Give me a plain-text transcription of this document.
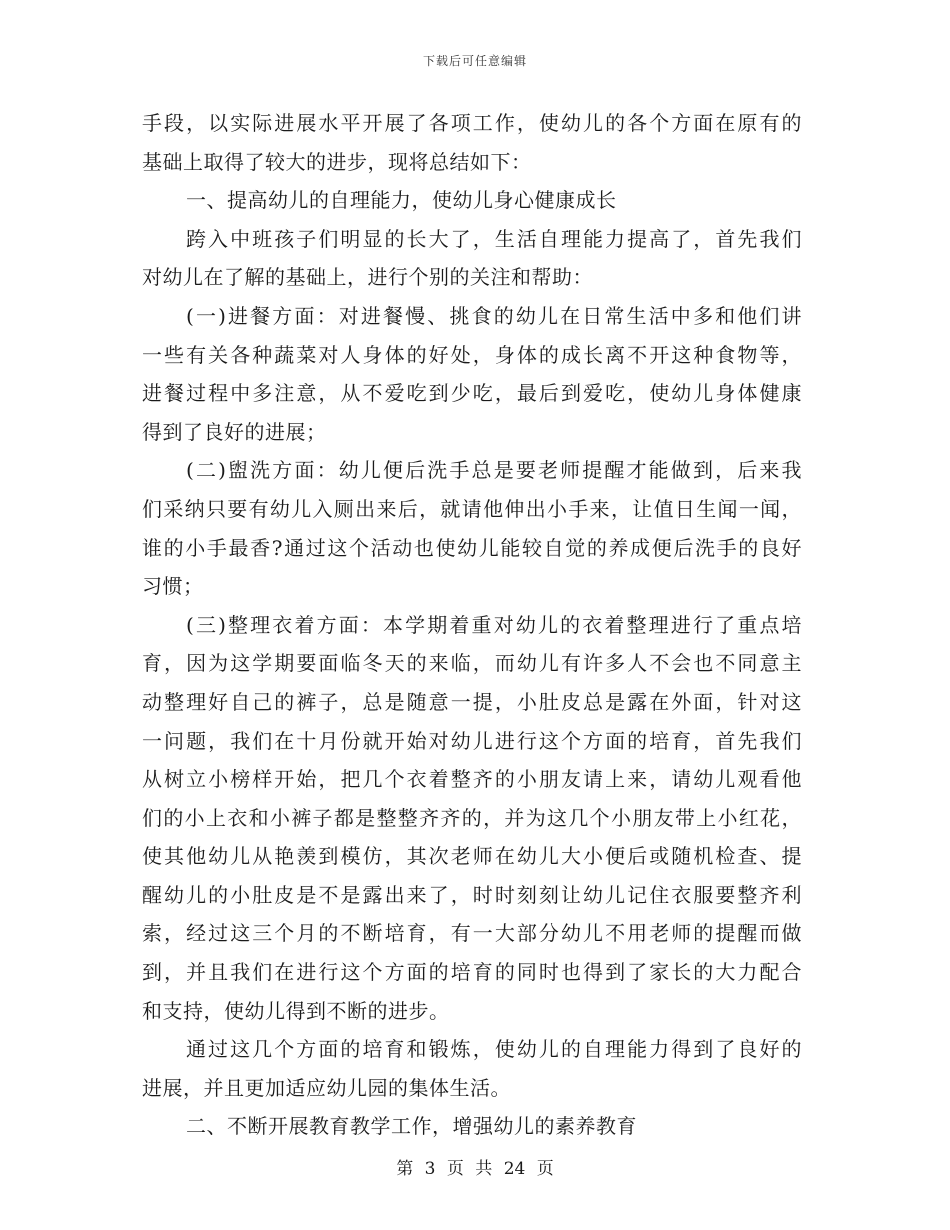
下载后可任意编辑
手段，以实际进展水平开展了各项工作，使幼儿的各个方面在原有的
基础上取得了较大的进步，现将总结如下：
一、提高幼儿的自理能力，使幼儿身心健康成长
跨入中班孩子们明显的长大了，生活自理能力提高了，首先我们
对幼儿在了解的基础上，进行个别的关注和帮助：
(一)进餐方面：对进餐慢、挑食的幼儿在日常生活中多和他们讲
一些有关各种蔬菜对人身体的好处，身体的成长离不开这种食物等，
进餐过程中多注意，从不爱吃到少吃，最后到爱吃，使幼儿身体健康
得到了良好的进展；
(二)盥洗方面：幼儿便后洗手总是要老师提醒才能做到，后来我
们采纳只要有幼儿入厕出来后，就请他伸出小手来，让值日生闻一闻，
谁的小手最香?通过这个活动也使幼儿能较自觉的养成便后洗手的良好
习惯；
(三)整理衣着方面：本学期着重对幼儿的衣着整理进行了重点培
育，因为这学期要面临冬天的来临，而幼儿有许多人不会也不同意主
动整理好自己的裤子，总是随意一提，小肚皮总是露在外面，针对这
一问题，我们在十月份就开始对幼儿进行这个方面的培育，首先我们
从树立小榜样开始，把几个衣着整齐的小朋友请上来，请幼儿观看他
们的小上衣和小裤子都是整整齐齐的，并为这几个小朋友带上小红花，
使其他幼儿从艳羡到模仿，其次老师在幼儿大小便后或随机检查、提
醒幼儿的小肚皮是不是露出来了，时时刻刻让幼儿记住衣服要整齐利
索，经过这三个月的不断培育，有一大部分幼儿不用老师的提醒而做
到，并且我们在进行这个方面的培育的同时也得到了家长的大力配合
和支持，使幼儿得到不断的进步。
通过这几个方面的培育和锻炼，使幼儿的自理能力得到了良好的
进展，并且更加适应幼儿园的集体生活。
二、不断开展教育教学工作，增强幼儿的素养教育
第 3 页 共 24 页
